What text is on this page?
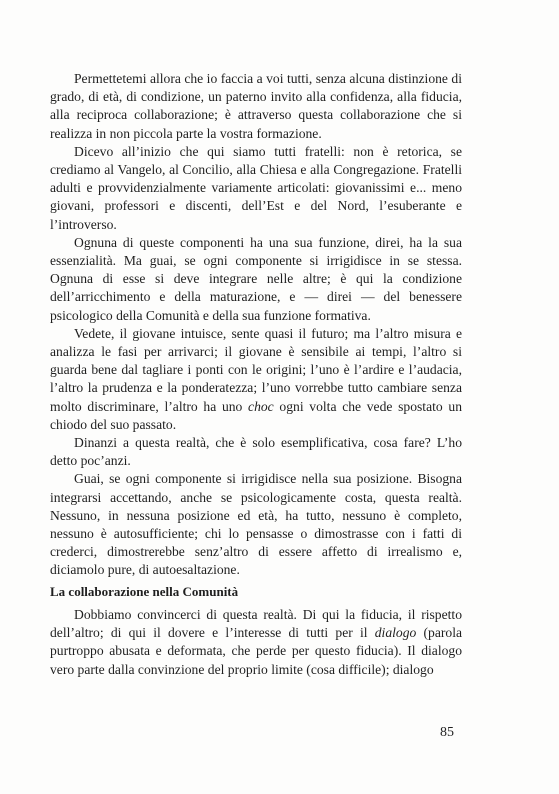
Permettetemi allora che io faccia a voi tutti, senza alcuna distinzione di grado, di età, di condizione, un paterno invito alla confidenza, alla fiducia, alla reciproca collaborazione; è attraverso questa collaborazione che si realizza in non piccola parte la vostra formazione.

Dicevo all’inizio che qui siamo tutti fratelli: non è retorica, se crediamo al Vangelo, al Concilio, alla Chiesa e alla Congregazione. Fratelli adulti e provvidenzialmente variamente articolati: giovanissimi e... meno giovani, professori e discenti, dell’Est e del Nord, l’esuberante e l’introverso.

Ognuna di queste componenti ha una sua funzione, direi, ha la sua essenzialità. Ma guai, se ogni componente si irrigidisce in se stessa. Ognuna di esse si deve integrare nelle altre; è qui la condizione dell’arricchimento e della maturazione, e — direi — del benessere psicologico della Comunità e della sua funzione formativa.

Vedete, il giovane intuisce, sente quasi il futuro; ma l’altro misura e analizza le fasi per arrivarci; il giovane è sensibile ai tempi, l’altro si guarda bene dal tagliare i ponti con le origini; l’uno è l’ardire e l’audacia, l’altro la prudenza e la ponderatezza; l’uno vorrebbe tutto cambiare senza molto discriminare, l’altro ha uno choc ogni volta che vede spostato un chiodo del suo passato.

Dinanzi a questa realtà, che è solo esemplificativa, cosa fare? L’ho detto poc’anzi.

Guai, se ogni componente si irrigidisce nella sua posizione. Bisogna integrarsi accettando, anche se psicologicamente costa, questa realtà. Nessuno, in nessuna posizione ed età, ha tutto, nessuno è completo, nessuno è autosufficiente; chi lo pensasse o dimostrasse con i fatti di crederci, dimostrerebbe senz’altro di essere affetto di irrealismo e, diciamolo pure, di autoesaltazione.

La collaborazione nella Comunità

Dobbiamo convincerci di questa realtà. Di qui la fiducia, il rispetto dell’altro; di qui il dovere e l’interesse di tutti per il dialogo (parola purtroppo abusata e deformata, che perde per questo fiducia). Il dialogo vero parte dalla convinzione del proprio limite (cosa difficile); dialogo

85
